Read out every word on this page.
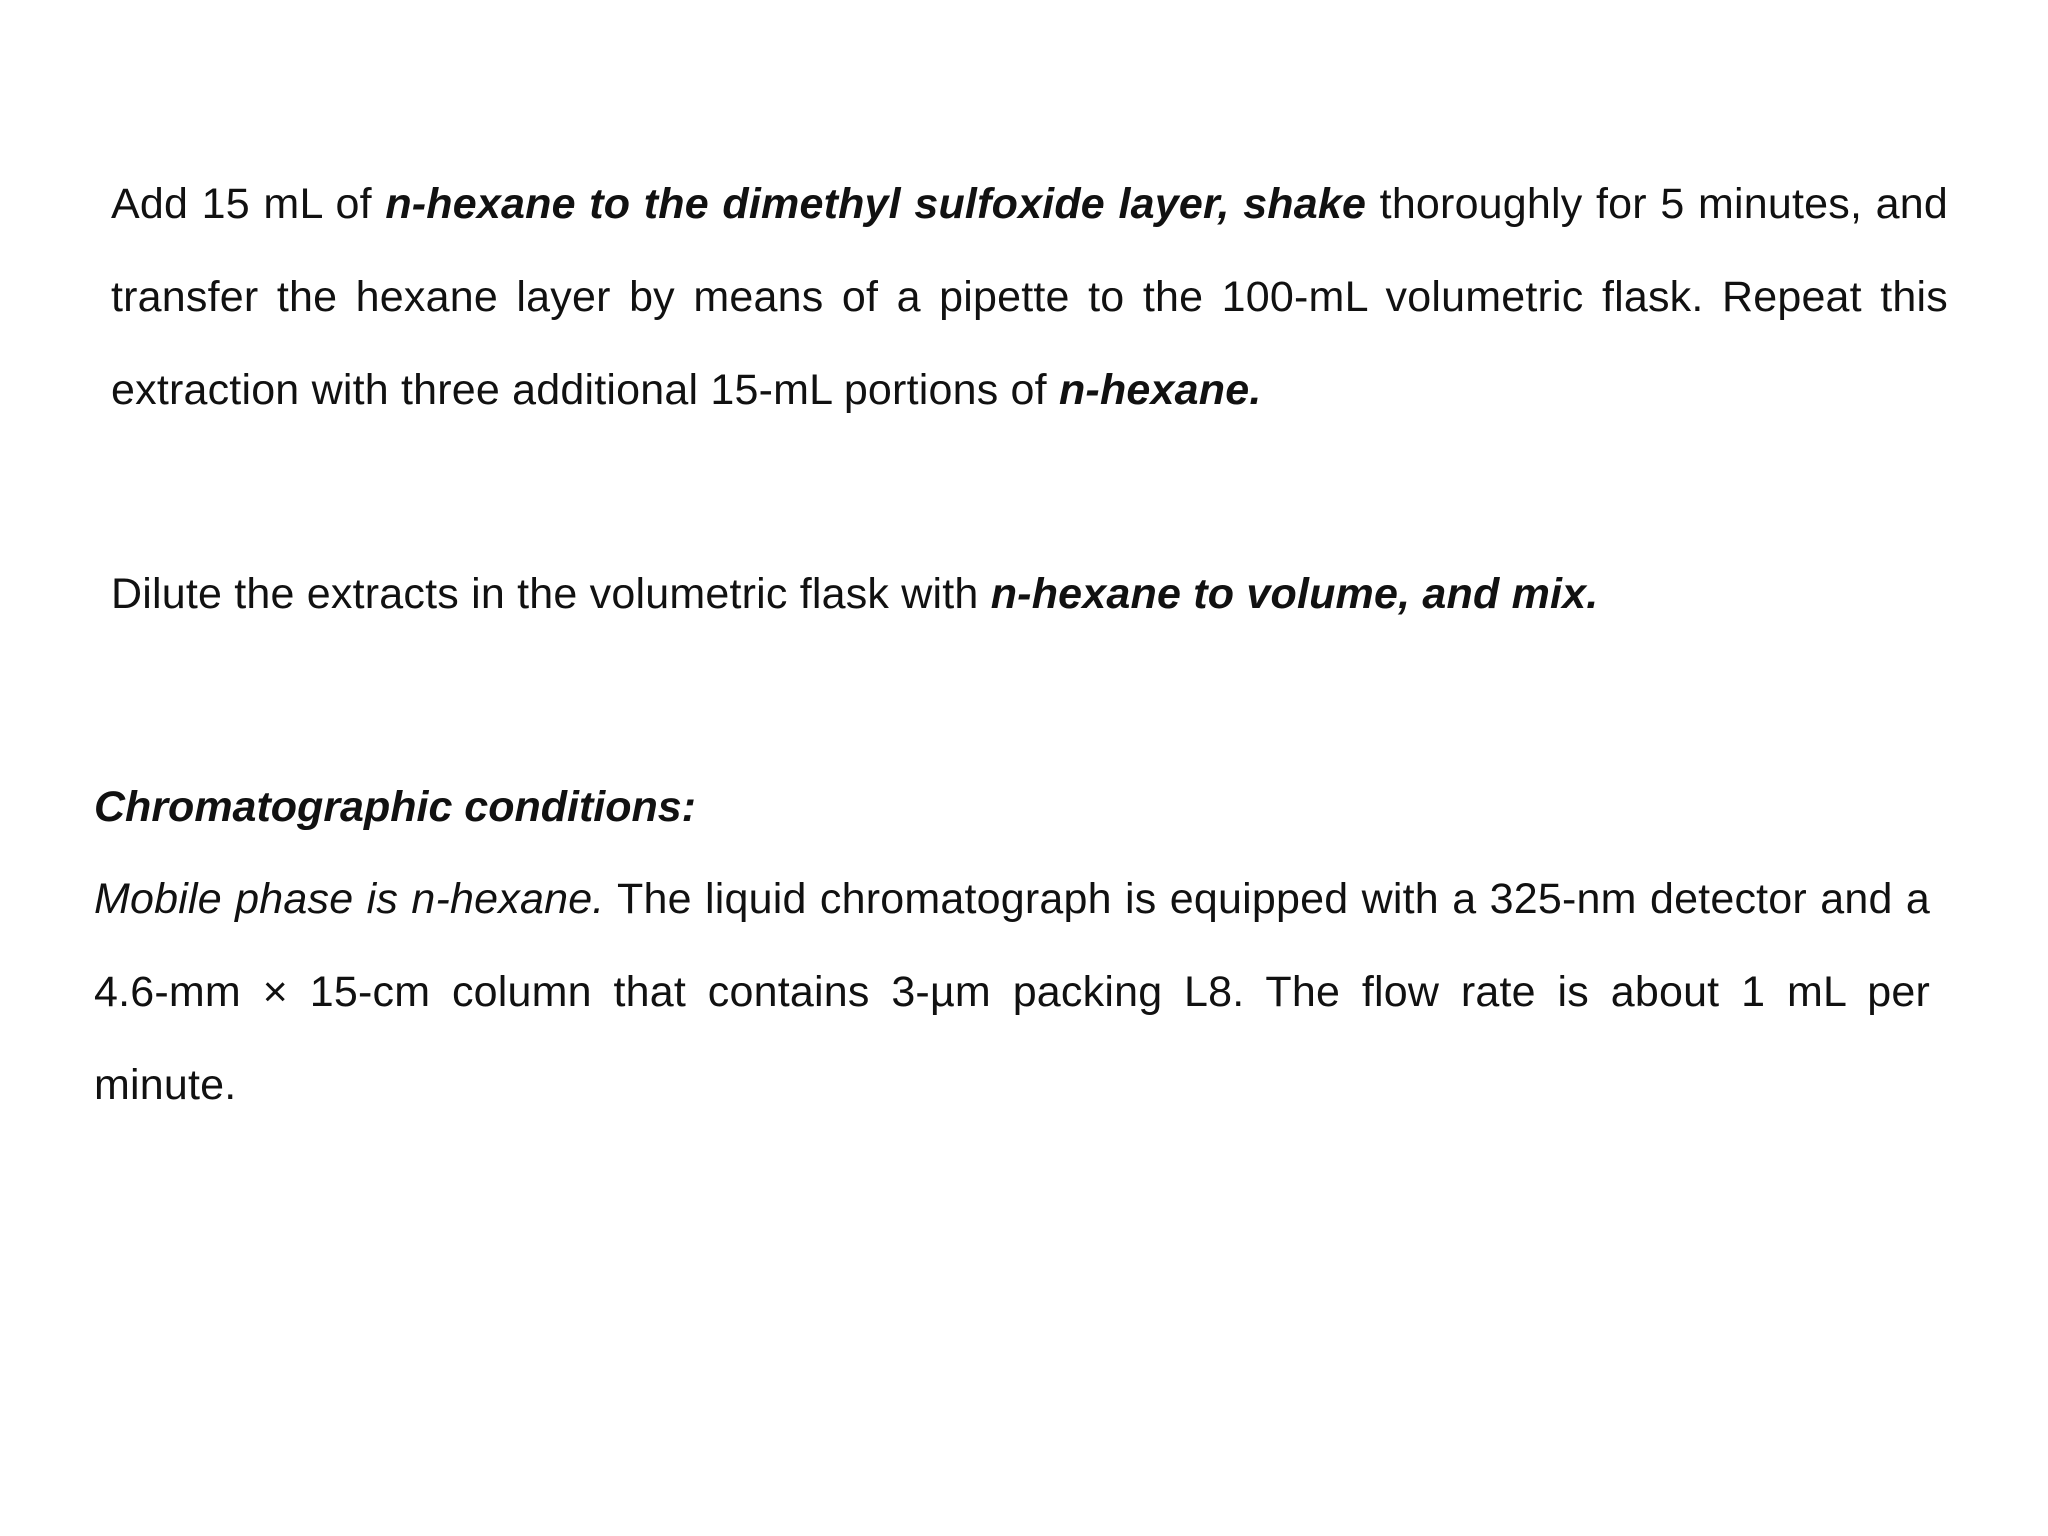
Add 15 mL of n-hexane to the dimethyl sulfoxide layer, shake thoroughly for 5 minutes, and transfer the hexane layer by means of a pipette to the 100-mL volumetric flask. Repeat this extraction with three additional 15-mL portions of n-hexane.

Dilute the extracts in the volumetric flask with n-hexane to volume, and mix.

Chromatographic conditions:

Mobile phase is n-hexane. The liquid chromatograph is equipped with a 325-nm detector and a 4.6-mm × 15-cm column that contains 3-µm packing L8. The flow rate is about 1 mL per minute.
